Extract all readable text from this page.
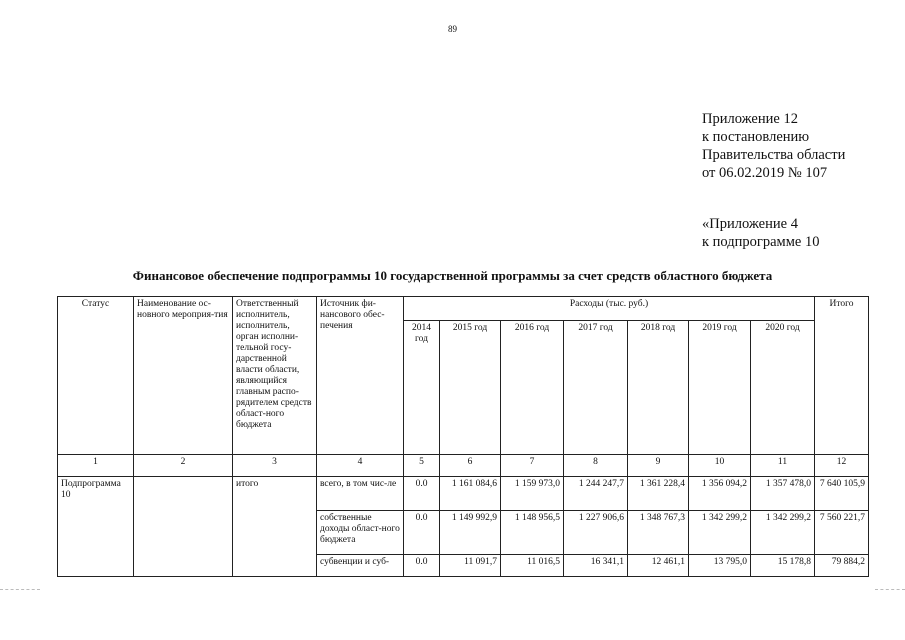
89
Приложение 12
к постановлению
Правительства области
от 06.02.2019 № 107
«Приложение 4
к подпрограмме 10
Финансовое обеспечение подпрограммы 10 государственной программы за счет средств областного бюджета
Статус	Наименование ос-новного мероприя-тия	Ответственный исполнитель, исполнитель, орган исполни-тельной госу-дарственной власти области, являющийся главным распо-рядителем средств област-ного бюджета	Источник фи-нансового обес-печения	Расходы (тыс. руб.)							Итого
				2014 год	2015 год	2016 год	2017 год	2018 год	2019 год	2020 год	
1	2	3	4	5	6	7	8	9	10	11	12
Подпрограмма 10		итого	всего, в том чис-ле	0.0	1 161 084,6	1 159 973,0	1 244 247,7	1 361 228,4	1 356 094,2	1 357 478,0	7 640 105,9
			собственные доходы област-ного бюджета	0.0	1 149 992,9	1 148 956,5	1 227 906,6	1 348 767,3	1 342 299,2	1 342 299,2	7 560 221,7
			субвенции и суб-	0.0	11 091,7	11 016,5	16 341,1	12 461,1	13 795,0	15 178,8	79 884,2
